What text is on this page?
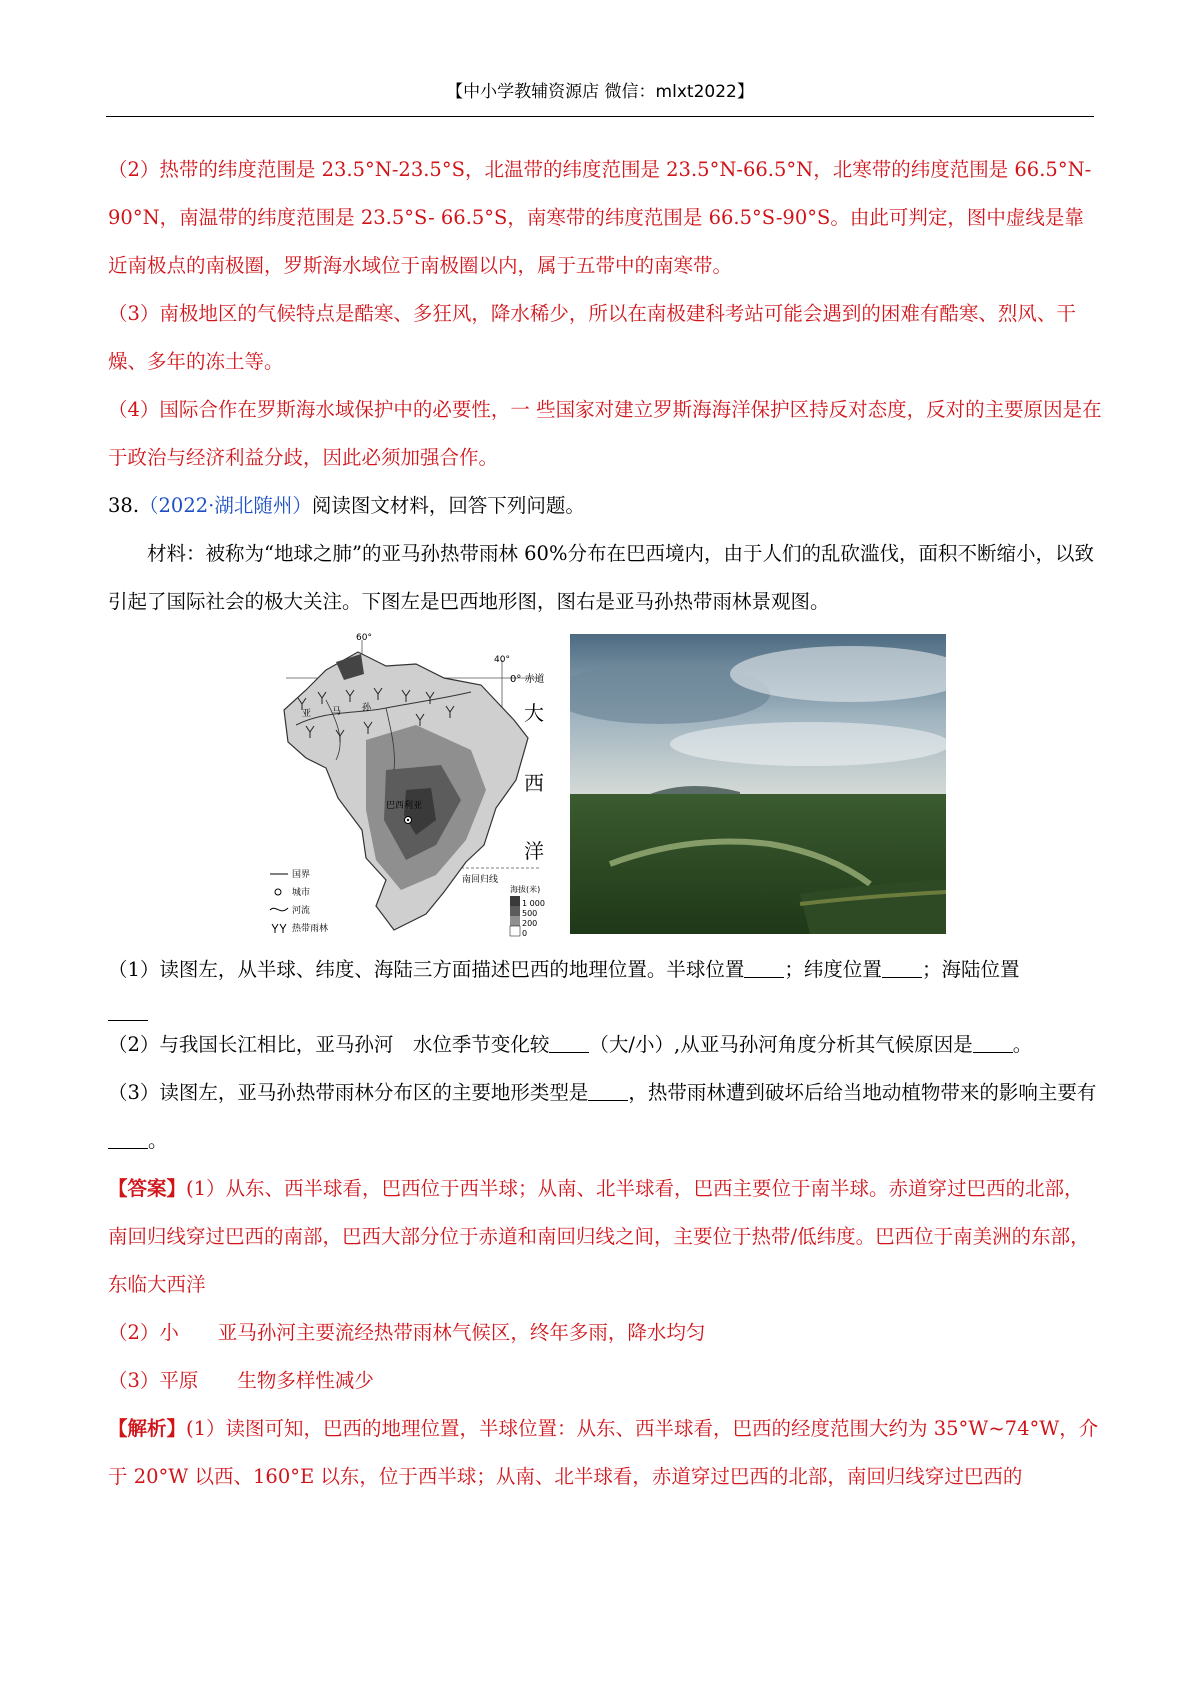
【中小学教辅资源店 微信：mlxt2022】

（2）热带的纬度范围是 23.5°N-23.5°S，北温带的纬度范围是 23.5°N-66.5°N，北寒带的纬度范围是 66.5°N-90°N，南温带的纬度范围是 23.5°S- 66.5°S，南寒带的纬度范围是 66.5°S-90°S。由此可判定，图中虚线是靠近南极点的南极圈，罗斯海水域位于南极圈以内，属于五带中的南寒带。

（3）南极地区的气候特点是酷寒、多狂风，降水稀少，所以在南极建科考站可能会遇到的困难有酷寒、烈风、干燥、多年的冻土等。

（4）国际合作在罗斯海水域保护中的必要性，一 些国家对建立罗斯海海洋保护区持反对态度，反对的主要原因是在于政治与经济利益分歧，因此必须加强合作。

38.（2022·湖北随州）阅读图文材料，回答下列问题。

材料：被称为“地球之肺”的亚马孙热带雨林 60%分布在巴西境内，由于人们的乱砍滥伐，面积不断缩小，以致引起了国际社会的极大关注。下图左是巴西地形图，图右是亚马孙热带雨林景观图。

巴西利亚
60°
40°
0° 赤道
大
西
洋
南回归线
亚 马 孙
国界
城市
河流
热带雨林
海拔(米)
1 000
500
200
0

（1）读图左，从半球、纬度、海陆三方面描述巴西的地理位置。半球位置 ；纬度位置 ；海陆位置

（2）与我国长江相比，亚马孙河　水位季节变化较 （大/小）,从亚马孙河角度分析其气候原因是 。

（3）读图左，亚马孙热带雨林分布区的主要地形类型是 ，热带雨林遭到破坏后给当地动植物带来的影响主要有。

【答案】(1）从东、西半球看，巴西位于西半球；从南、北半球看，巴西主要位于南半球。赤道穿过巴西的北部，南回归线穿过巴西的南部，巴西大部分位于赤道和南回归线之间，主要位于热带/低纬度。巴西位于南美洲的东部，东临大西洋

（2）小　　亚马孙河主要流经热带雨林气候区，终年多雨，降水均匀

（3）平原　　生物多样性减少

【解析】(1）读图可知，巴西的地理位置，半球位置：从东、西半球看，巴西的经度范围大约为 35°W~74°W，介于 20°W 以西、160°E 以东，位于西半球；从南、北半球看，赤道穿过巴西的北部，南回归线穿过巴西的
